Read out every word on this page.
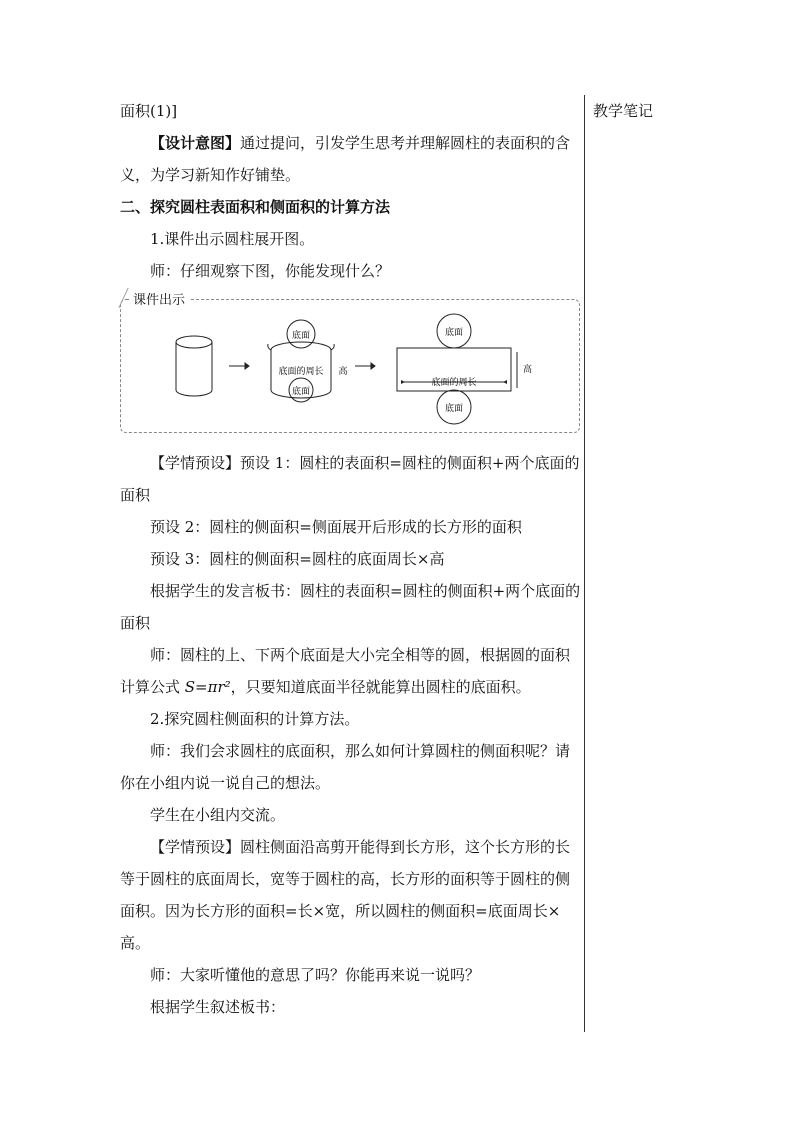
教学笔记

面积(1)]

【设计意图】通过提问，引发学生思考并理解圆柱的表面积的含义，为学习新知作好铺垫。

二、探究圆柱表面积和侧面积的计算方法

1.课件出示圆柱展开图。

师：仔细观察下图，你能发现什么？

课件出示
底面
底面的周长
底面
高
底面
底面的周长
底面
高

【学情预设】预设 1：圆柱的表面积=圆柱的侧面积+两个底面的面积

预设 2：圆柱的侧面积=侧面展开后形成的长方形的面积

预设 3：圆柱的侧面积=圆柱的底面周长×高

根据学生的发言板书：圆柱的表面积=圆柱的侧面积+两个底面的面积

师：圆柱的上、下两个底面是大小完全相等的圆，根据圆的面积计算公式 S=πr²，只要知道底面半径就能算出圆柱的底面积。

2.探究圆柱侧面积的计算方法。

师：我们会求圆柱的底面积，那么如何计算圆柱的侧面积呢？请你在小组内说一说自己的想法。

学生在小组内交流。

【学情预设】圆柱侧面沿高剪开能得到长方形，这个长方形的长等于圆柱的底面周长，宽等于圆柱的高，长方形的面积等于圆柱的侧面积。因为长方形的面积=长×宽，所以圆柱的侧面积=底面周长×高。

师：大家听懂他的意思了吗？你能再来说一说吗？

根据学生叙述板书：
